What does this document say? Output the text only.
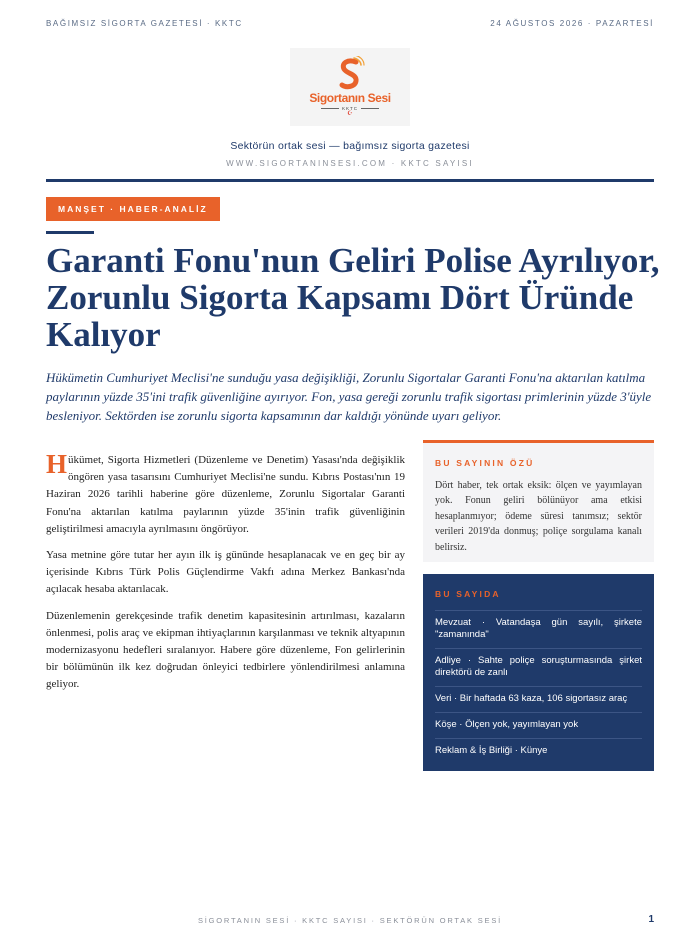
BAĞIMSIZ SİGORTA GAZETESİ · KKTC	24 AĞUSTOS 2026 · PAZARTESİ
Sigortanın Sesi
KKTC
☪
Sektörün ortak sesi — bağımsız sigorta gazetesi
WWW.SIGORTANINSESI.COM · KKTC SAYISI
MANŞET · HABER-ANALİZ
Garanti Fonu'nun Geliri Polise Ayrılıyor, Zorunlu Sigorta Kapsamı Dört Üründe Kalıyor

Hükümetin Cumhuriyet Meclisi'ne sunduğu yasa değişikliği, Zorunlu Sigortalar Garanti Fonu'na aktarılan katılma paylarının yüzde 35'ini trafik güvenliğine ayırıyor. Fon, yasa gereği zorunlu trafik sigortası primlerinin yüzde 3'üyle besleniyor. Sektörden ise zorunlu sigorta kapsamının dar kaldığı yönünde uyarı geliyor.

Hükümet, Sigorta Hizmetleri (Düzenleme ve Denetim) Yasası'nda değişiklik öngören yasa tasarısını Cumhuriyet Meclisi'ne sundu. Kıbrıs Postası'nın 19 Haziran 2026 tarihli haberine göre düzenleme, Zorunlu Sigortalar Garanti Fonu'na aktarılan katılma paylarının yüzde 35'inin trafik güvenliğinin geliştirilmesi amacıyla ayrılmasını öngörüyor.

Yasa metnine göre tutar her ayın ilk iş gününde hesaplanacak ve en geç bir ay içerisinde Kıbrıs Türk Polis Güçlendirme Vakfı adına Merkez Bankası'nda açılacak hesaba aktarılacak.

Düzenlemenin gerekçesinde trafik denetim kapasitesinin artırılması, kazaların önlenmesi, polis araç ve ekipman ihtiyaçlarının karşılanması ve teknik altyapının modernizasyonu hedefleri sıralanıyor. Habere göre düzenleme, Fon gelirlerinin bir bölümünün ilk kez doğrudan önleyici tedbirlere yönlendirilmesi anlamına geliyor.

BU SAYININ ÖZÜ
Dört haber, tek ortak eksik: ölçen ve yayımlayan yok. Fonun geliri bölünüyor ama etkisi hesaplanmıyor; ödeme süresi tanımsız; sektör verileri 2019'da donmuş; poliçe sorgulama kanalı belirsiz.
BU SAYIDA
Mevzuat · Vatandaşa gün sayılı, şirkete "zamanında"
Adliye · Sahte poliçe soruşturmasında şirket direktörü de zanlı
Veri · Bir haftada 63 kaza, 106 sigortasız araç
Köşe · Ölçen yok, yayımlayan yok
Reklam & İş Birliği · Künye
SİGORTANIN SESİ · KKTC SAYISI · SEKTÖRÜN ORTAK SESİ	1
